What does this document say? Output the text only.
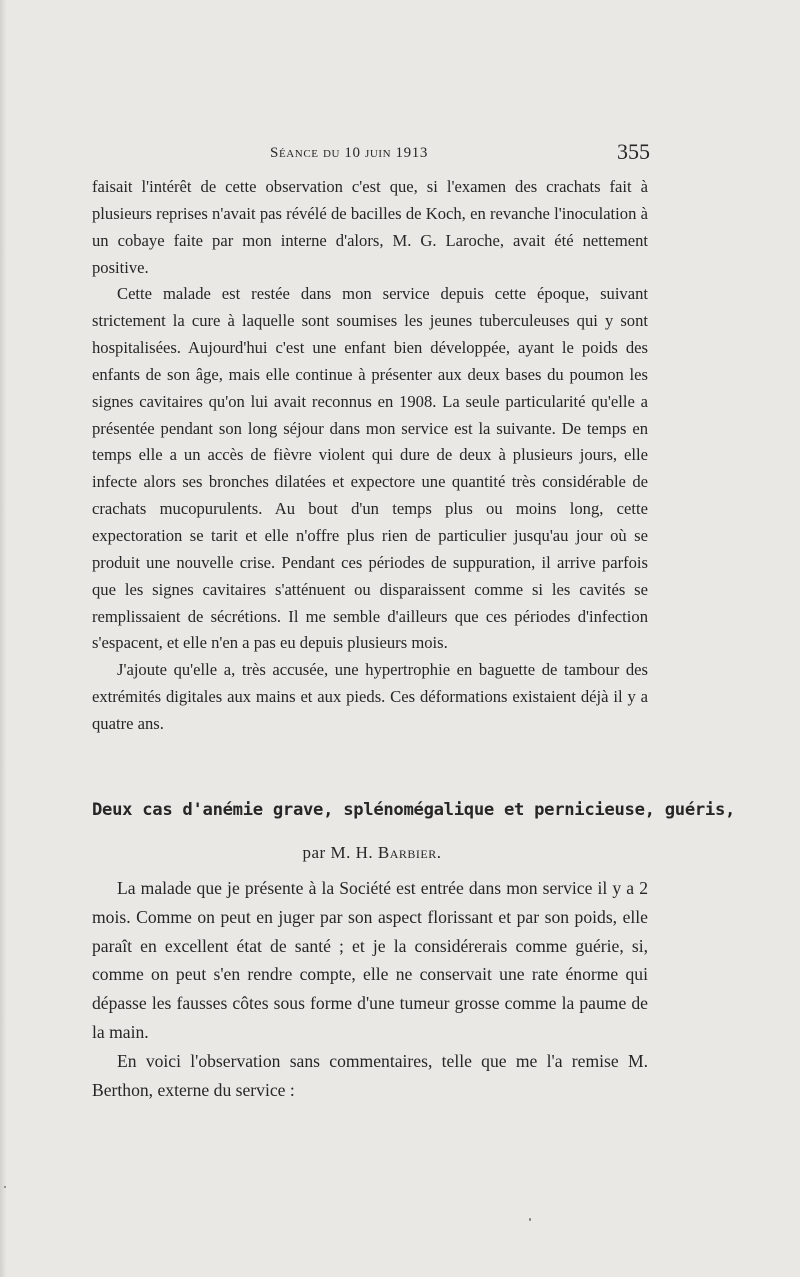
Séance du 10 juin 1913	355

faisait l'intérêt de cette observation c'est que, si l'examen des crachats fait à plusieurs reprises n'avait pas révélé de bacilles de Koch, en revanche l'inoculation à un cobaye faite par mon interne d'alors, M. G. Laroche, avait été nettement positive.

Cette malade est restée dans mon service depuis cette époque, suivant strictement la cure à laquelle sont soumises les jeunes tuberculeuses qui y sont hospitalisées. Aujourd'hui c'est une enfant bien développée, ayant le poids des enfants de son âge, mais elle continue à présenter aux deux bases du poumon les signes cavitaires qu'on lui avait reconnus en 1908. La seule particularité qu'elle a présentée pendant son long séjour dans mon service est la suivante. De temps en temps elle a un accès de fièvre violent qui dure de deux à plusieurs jours, elle infecte alors ses bronches dilatées et expectore une quantité très considérable de crachats mucopurulents. Au bout d'un temps plus ou moins long, cette expectoration se tarit et elle n'offre plus rien de particulier jusqu'au jour où se produit une nouvelle crise. Pendant ces périodes de suppuration, il arrive parfois que les signes cavitaires s'atténuent ou disparaissent comme si les cavités se remplissaient de sécrétions. Il me semble d'ailleurs que ces périodes d'infection s'espacent, et elle n'en a pas eu depuis plusieurs mois.

J'ajoute qu'elle a, très accusée, une hypertrophie en baguette de tambour des extrémités digitales aux mains et aux pieds. Ces déformations existaient déjà il y a quatre ans.

Deux cas d'anémie grave, splénomégalique et pernicieuse, guéris,
par M. H. Barbier.

La malade que je présente à la Société est entrée dans mon service il y a 2 mois. Comme on peut en juger par son aspect florissant et par son poids, elle paraît en excellent état de santé ; et je la considérerais comme guérie, si, comme on peut s'en rendre compte, elle ne conservait une rate énorme qui dépasse les fausses côtes sous forme d'une tumeur grosse comme la paume de la main.

En voici l'observation sans commentaires, telle que me l'a remise M. Berthon, externe du service :
